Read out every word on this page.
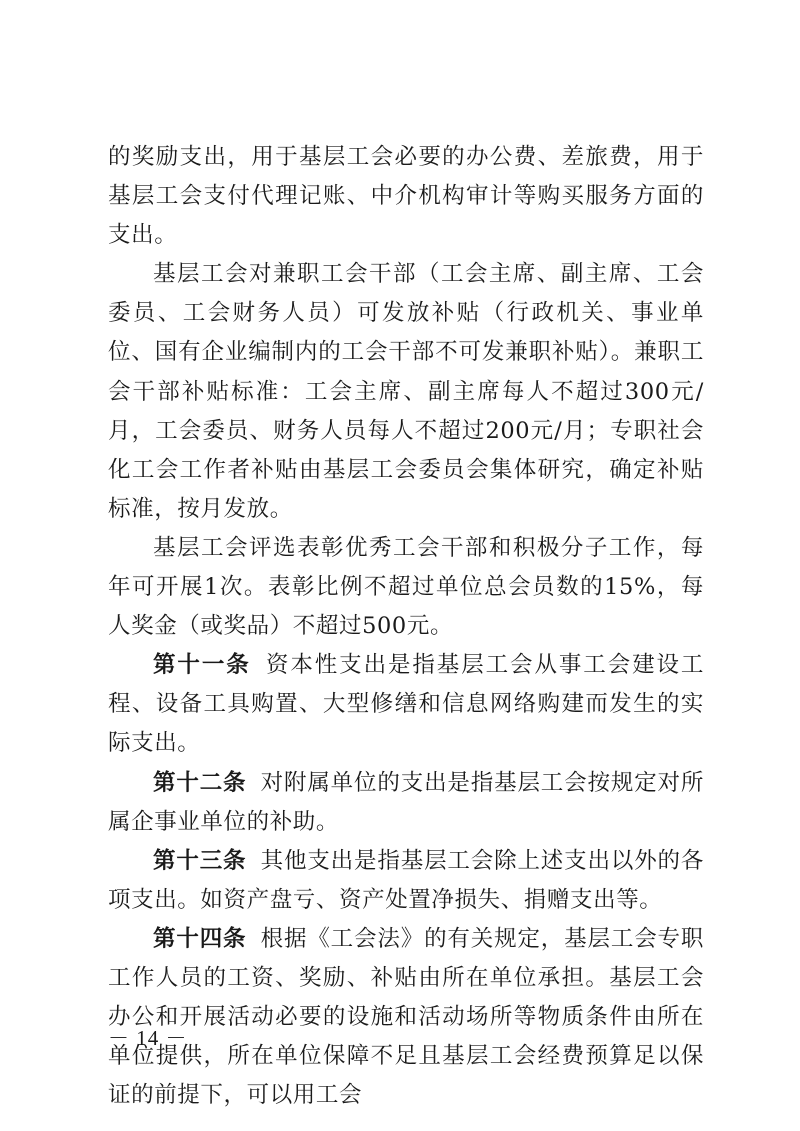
的奖励支出，用于基层工会必要的办公费、差旅费，用于基层工会支付代理记账、中介机构审计等购买服务方面的支出。

基层工会对兼职工会干部（工会主席、副主席、工会委员、工会财务人员）可发放补贴（行政机关、事业单位、国有企业编制内的工会干部不可发兼职补贴）。兼职工会干部补贴标准：工会主席、副主席每人不超过300元/月，工会委员、财务人员每人不超过200元/月；专职社会化工会工作者补贴由基层工会委员会集体研究，确定补贴标准，按月发放。

基层工会评选表彰优秀工会干部和积极分子工作，每年可开展1次。表彰比例不超过单位总会员数的15%，每人奖金（或奖品）不超过500元。

第十一条 资本性支出是指基层工会从事工会建设工程、设备工具购置、大型修缮和信息网络购建而发生的实际支出。

第十二条 对附属单位的支出是指基层工会按规定对所属企事业单位的补助。

第十三条 其他支出是指基层工会除上述支出以外的各项支出。如资产盘亏、资产处置净损失、捐赠支出等。

第十四条 根据《工会法》的有关规定，基层工会专职工作人员的工资、奖励、补贴由所在单位承担。基层工会办公和开展活动必要的设施和活动场所等物质条件由所在单位提供，所在单位保障不足且基层工会经费预算足以保证的前提下，可以用工会

－ 14 －
